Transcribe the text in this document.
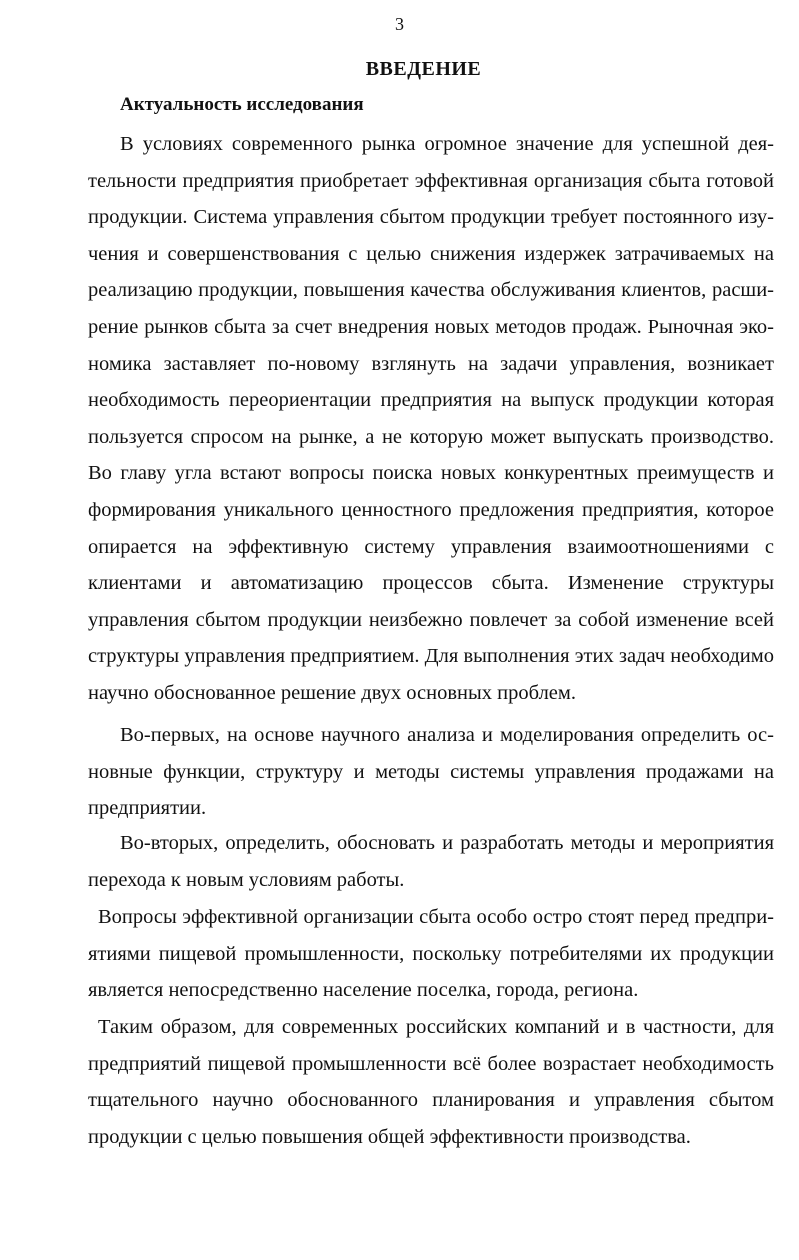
3
ВВЕДЕНИЕ
Актуальность исследования
В условиях современного рынка огромное значение для успешной деятельности предприятия приобретает эффективная организация сбыта готовой продукции. Система управления сбытом продукции требует постоянного изучения и совершенствования с целью снижения издержек затрачиваемых на реализацию продукции, повышения качества обслуживания клиентов, расширение рынков сбыта за счет внедрения новых методов продаж. Рыночная экономика заставляет по-новому взглянуть на задачи управления, возникает необходимость переориентации предприятия на выпуск продукции которая пользуется спросом на рынке, а не которую может выпускать производство. Во главу угла встают вопросы поиска новых конкурентных преимуществ и формирования уникального ценностного предложения предприятия, которое опирается на эффективную систему управления взаимоотношениями с клиентами и автоматизацию процессов сбыта. Изменение структуры управления сбытом продукции неизбежно повлечет за собой изменение всей структуры управления предприятием. Для выполнения этих задач необходимо научно обоснованное решение двух основных проблем.
Во-первых, на основе научного анализа и моделирования определить основные функции, структуру и методы системы управления продажами на предприятии.
Во-вторых, определить, обосновать и разработать методы и мероприятия перехода к новым условиям работы.
Вопросы эффективной организации сбыта особо остро стоят перед предприятиями пищевой промышленности, поскольку потребителями их продукции является непосредственно население поселка, города, региона.
Таким образом, для современных российских компаний и в частности, для предприятий пищевой промышленности всё более возрастает необходимость тщательного научно обоснованного планирования и управления сбытом продукции с целью повышения общей эффективности производства.
